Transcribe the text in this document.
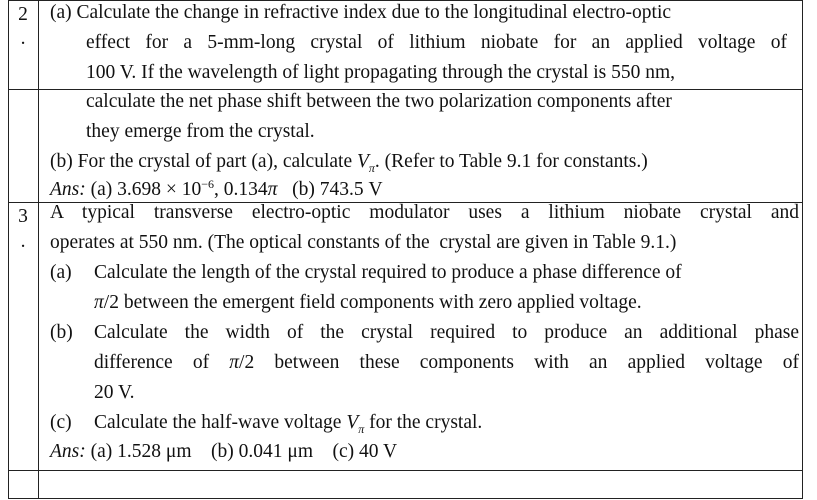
2
.
(a) Calculate the change in refractive index due to the longitudinal electro-optic
effect for a 5-mm-long crystal of lithium niobate for an applied voltage of
100 V. If the wavelength of light propagating through the crystal is 550 nm,
calculate the net phase shift between the two polarization components after
they emerge from the crystal.
(b) For the crystal of part (a), calculate $V_\pi$. (Refer to Table 9.1 for constants.)
Ans: (a) $3.698 \times 10^{-6}$, 0.134π   (b) 743.5 V
3
.
A typical transverse electro-optic modulator uses a lithium niobate crystal and
operates at 550 nm. (The optical constants of the  crystal are given in Table 9.1.)
(a) Calculate the length of the crystal required to produce a phase difference of
π/2 between the emergent field components with zero applied voltage.
(b) Calculate the width of the crystal required to produce an additional phase
difference of π/2 between these components with an applied voltage of
20 V.
(c) Calculate the half-wave voltage $V_\pi$ for the crystal.
Ans: (a) 1.528 μm    (b) 0.041 μm    (c) 40 V
